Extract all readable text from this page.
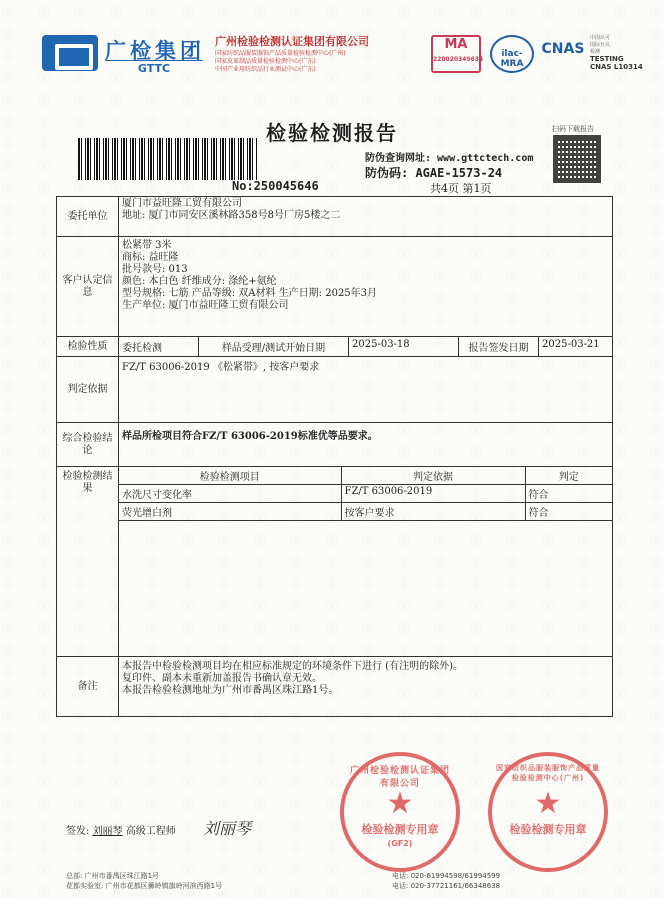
广检集团
GTTC
广州检验检测认证集团有限公司
国家纺织品服装服饰产品质量检验检测中心(广州)
国家皮革制品质量检验检测中心(广东)
中国产业用纺织品行业测试中心(广东)
MA
220020349634
ilac-MRA
CNAS
中国认可
国际互认
检测
TESTING
CNAS L10314
检验检测报告	扫码下载报告
No:250045646
防伪查询网址: www.gttctech.com
防伪码: AGAE-1573-24
共4页 第1页
委托单位	
厦门市益旺隆工贸有限公司
地址: 厦门市同安区溪林路358号8号厂房5楼之二

客户认定信息	
松紧带 3米
商标: 益旺隆
批号款号: 013
颜色: 本白色 纤维成分: 涤纶+氨纶
型号规格: 七筋 产品等级: 双A材料 生产日期: 2025年3月
生产单位: 厦门市益旺隆工贸有限公司

检验性质	委托检测	样品受理/测试开始日期	2025-03-18	报告签发日期	2025-03-21
判定依据	FZ/T 63006-2019 《松紧带》, 按客户要求
综合检验结论	样品所检项目符合FZ/T 63006-2019标准优等品要求。
检验检测结果	
检验检测项目	判定依据	判定
水洗尺寸变化率	FZ/T 63006-2019	符合
荧光增白剂	按客户要求	符合

备注	
本报告中检验检测项目均在相应标准规定的环境条件下进行 (有注明的除外)。
复印件、副本未重新加盖报告书确认章无效。
本报告检验检测地址为广州市番禺区珠江路1号。
签发: 刘丽琴 高级工程师 刘丽琴
广州检验检测认证集团有限公司
★
检验检测专用章
(GF2)
国家纺织品服装服饰产品质量检验检测中心(广州)
★
检验检测专用章
总部: 广州市番禺区珠江路1号
花都实验室: 广州市花都区狮岭镇旗岭河滨西路1号
电话: 020-61994598/61994599
电话: 020-37721161/66348638
